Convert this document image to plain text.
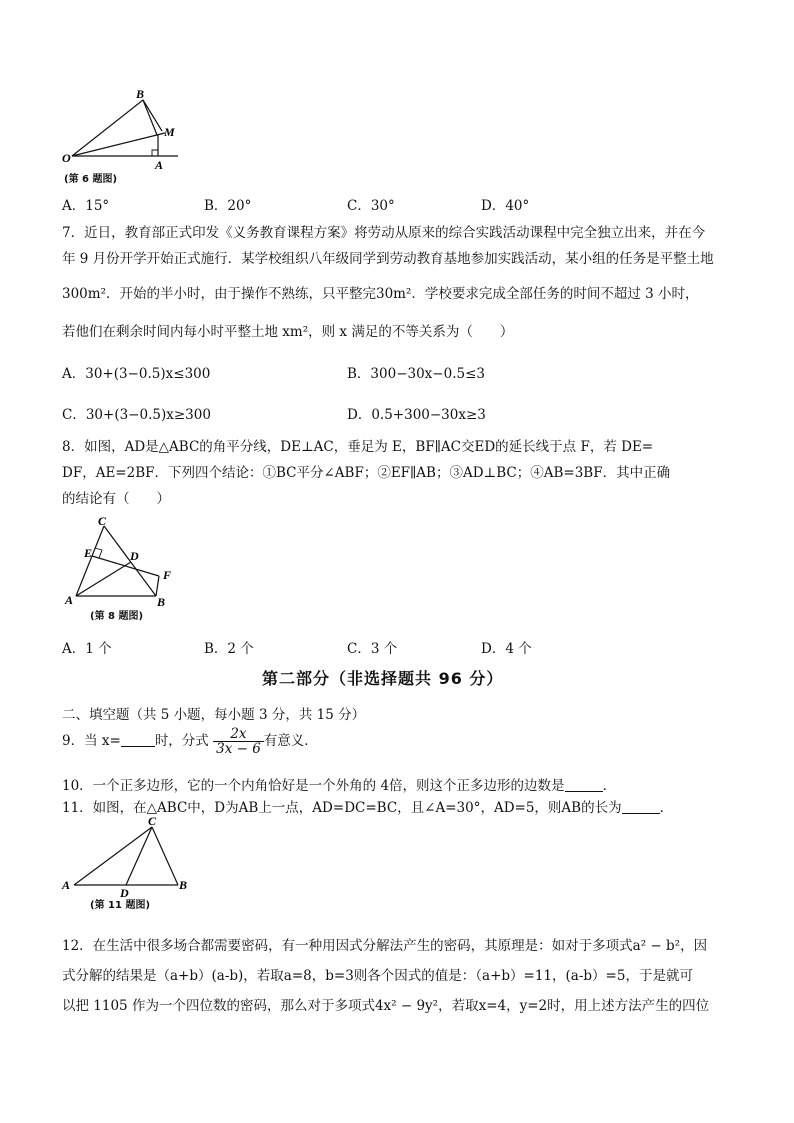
O
B
M
A
(第 6 题图)
A．15°	B．20°	C．30°	D．40°
7．近日，教育部正式印发《义务教育课程方案》将劳动从原来的综合实践活动课程中完全独立出来，并在今
年 9 月份开学开始正式施行．某学校组织八年级同学到劳动教育基地参加实践活动，某小组的任务是平整土地
300m²．开始的半小时，由于操作不熟练，只平整完30m²．学校要求完成全部任务的时间不超过 3 小时，
若他们在剩余时间内每小时平整土地 xm²，则 x 满足的不等关系为（　　）
A．30+(3−0.5)x≤300	B．300−30x−0.5≤3
C．30+(3−0.5)x≥300	D．0.5+300−30x≥3
8．如图，AD是△ABC的角平分线，DE⊥AC，垂足为 E，BF∥AC交ED的延长线于点 F，若 DE=
DF，AE=2BF．下列四个结论：①BC平分∠ABF；②EF∥AB；③AD⊥BC；④AB=3BF．其中正确
的结论有（　　）
C
E	D
F
A	B
(第 8 题图)
A．1 个	B．2 个	C．3 个	D．4 个
第二部分（非选择题共 96 分）
二、填空题（共 5 小题，每小题 3 分，共 15 分）
9．当 x=	时，分式 $\frac{2x}{3x - 6}$ 有意义．
10．一个正多边形，它的一个内角恰好是一个外角的 4倍，则这个正多边形的边数是	．
11．如图，在△ABC中，D为AB上一点，AD=DC=BC，且∠A=30°，AD=5，则AB的长为	．
C
A
D
B
(第 11 题图)
12．在生活中很多场合都需要密码，有一种用因式分解法产生的密码，其原理是：如对于多项式a² − b²，因
式分解的结果是（a+b）(a-b)，若取a=8，b=3则各个因式的值是：（a+b）=11，(a-b）=5，于是就可
以把 1105 作为一个四位数的密码，那么对于多项式4x² − 9y²，若取x=4，y=2时，用上述方法产生的四位
